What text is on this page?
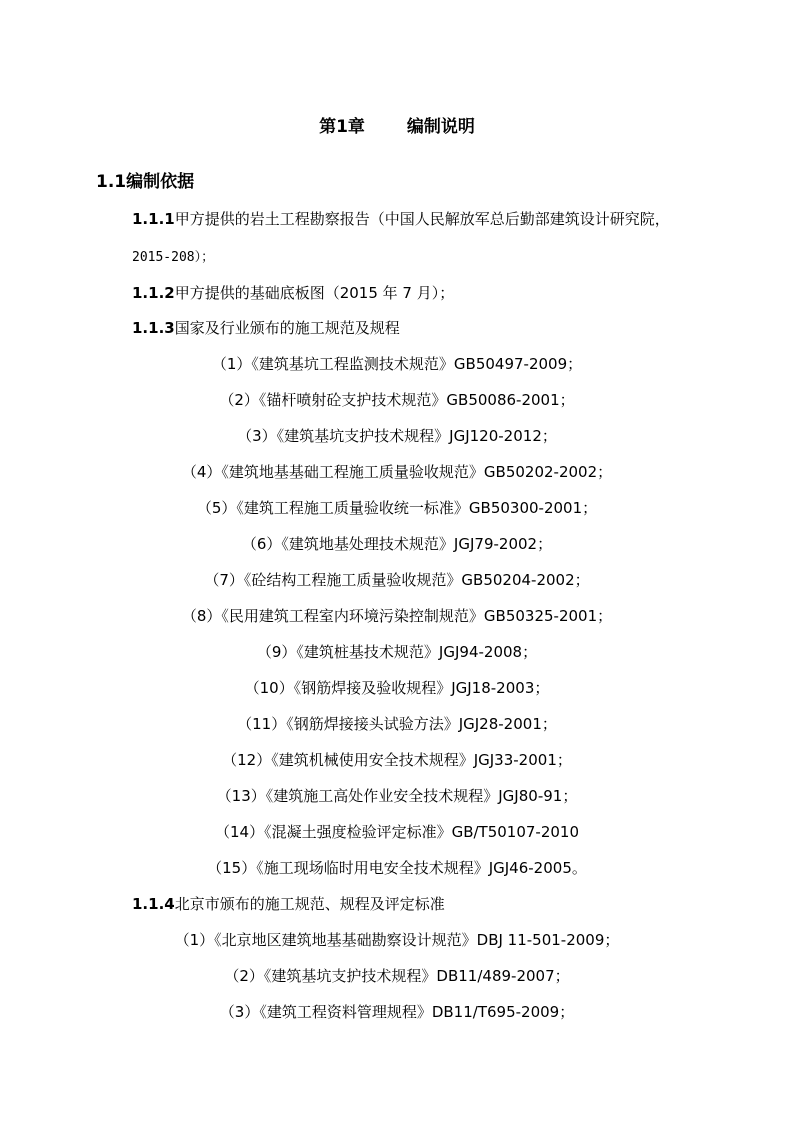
第1章 编制说明
1.1编制依据
1.1.1甲方提供的岩土工程勘察报告（中国人民解放军总后勤部建筑设计研究院，
2015-208）；
1.1.2甲方提供的基础底板图（2015 年 7 月）；
1.1.3国家及行业颁布的施工规范及规程
（1）《建筑基坑工程监测技术规范》GB50497-2009；
（2）《锚杆喷射砼支护技术规范》GB50086-2001；
（3）《建筑基坑支护技术规程》JGJ120-2012；
（4）《建筑地基基础工程施工质量验收规范》GB50202-2002；
（5）《建筑工程施工质量验收统一标准》GB50300-2001；
（6）《建筑地基处理技术规范》JGJ79-2002；
（7）《砼结构工程施工质量验收规范》GB50204-2002；
（8）《民用建筑工程室内环境污染控制规范》GB50325-2001；
（9）《建筑桩基技术规范》JGJ94-2008；
（10）《钢筋焊接及验收规程》JGJ18-2003；
（11）《钢筋焊接接头试验方法》JGJ28-2001；
（12）《建筑机械使用安全技术规程》JGJ33-2001；
（13）《建筑施工高处作业安全技术规程》JGJ80-91；
（14）《混凝土强度检验评定标准》GB/T50107-2010
（15）《施工现场临时用电安全技术规程》JGJ46-2005。
1.1.4北京市颁布的施工规范、规程及评定标准
（1）《北京地区建筑地基基础勘察设计规范》DBJ 11-501-2009；
（2）《建筑基坑支护技术规程》DB11/489-2007；
（3）《建筑工程资料管理规程》DB11/T695-2009；
